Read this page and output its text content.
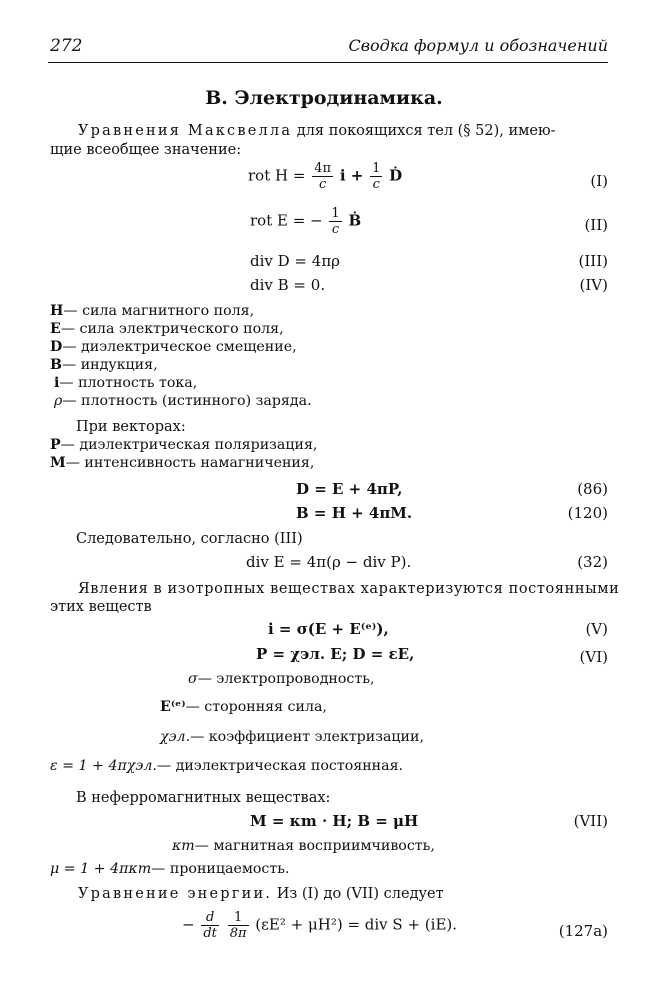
272	Сводка формул и обозначений
B. Электродинамика.
Уравнения Максвелла для покоящихся тел (§ 52), имею-
щие всеобщее значение:
rot $H = \frac{4\pi}{c}$ $i + \frac{1}{c}$ Ḋ	(I)
rot E = − $\frac{1}{c}$ Ḃ	(II)
div D = 4πρ	(III)
div B = 0.	(IV)
H— сила магнитного поля,
E— сила электрического поля,
D— диэлектрическое смещение,
B— индукция,
i— плотность тока,
ρ— плотность (истинного) заряда.
При векторах:
P— диэлектрическая поляризация,
M— интенсивность намагничения,
D = E + 4πP,	(86)
B = H + 4πM.	(120)
Следовательно, согласно (III)
div E = 4π(ρ − div P).	(32)
Явления в изотропных веществах характеризуются постоянными
этих веществ
i = σ(E + E⁽ᵉ⁾),	(V)
P = χэл. E; D = εE,	(VI)
σ— электропроводность,
E⁽ᵉ⁾— сторонняя сила,
χэл.— коэффициент электризации,
ε = 1 + 4πχэл.— диэлектрическая постоянная.
В неферромагнитных веществах:
M = κm · H; B = μH	(VII)
κm— магнитная восприимчивость,
μ = 1 + 4πκm— проницаемость.
Уравнение энергии. Из (I) до (VII) следует
− $\frac{d}{dt}$
$\frac{1}{8\pi} (\varepsilon E^2 + \mu H^2)$ = div S + (iE).	(127a)
